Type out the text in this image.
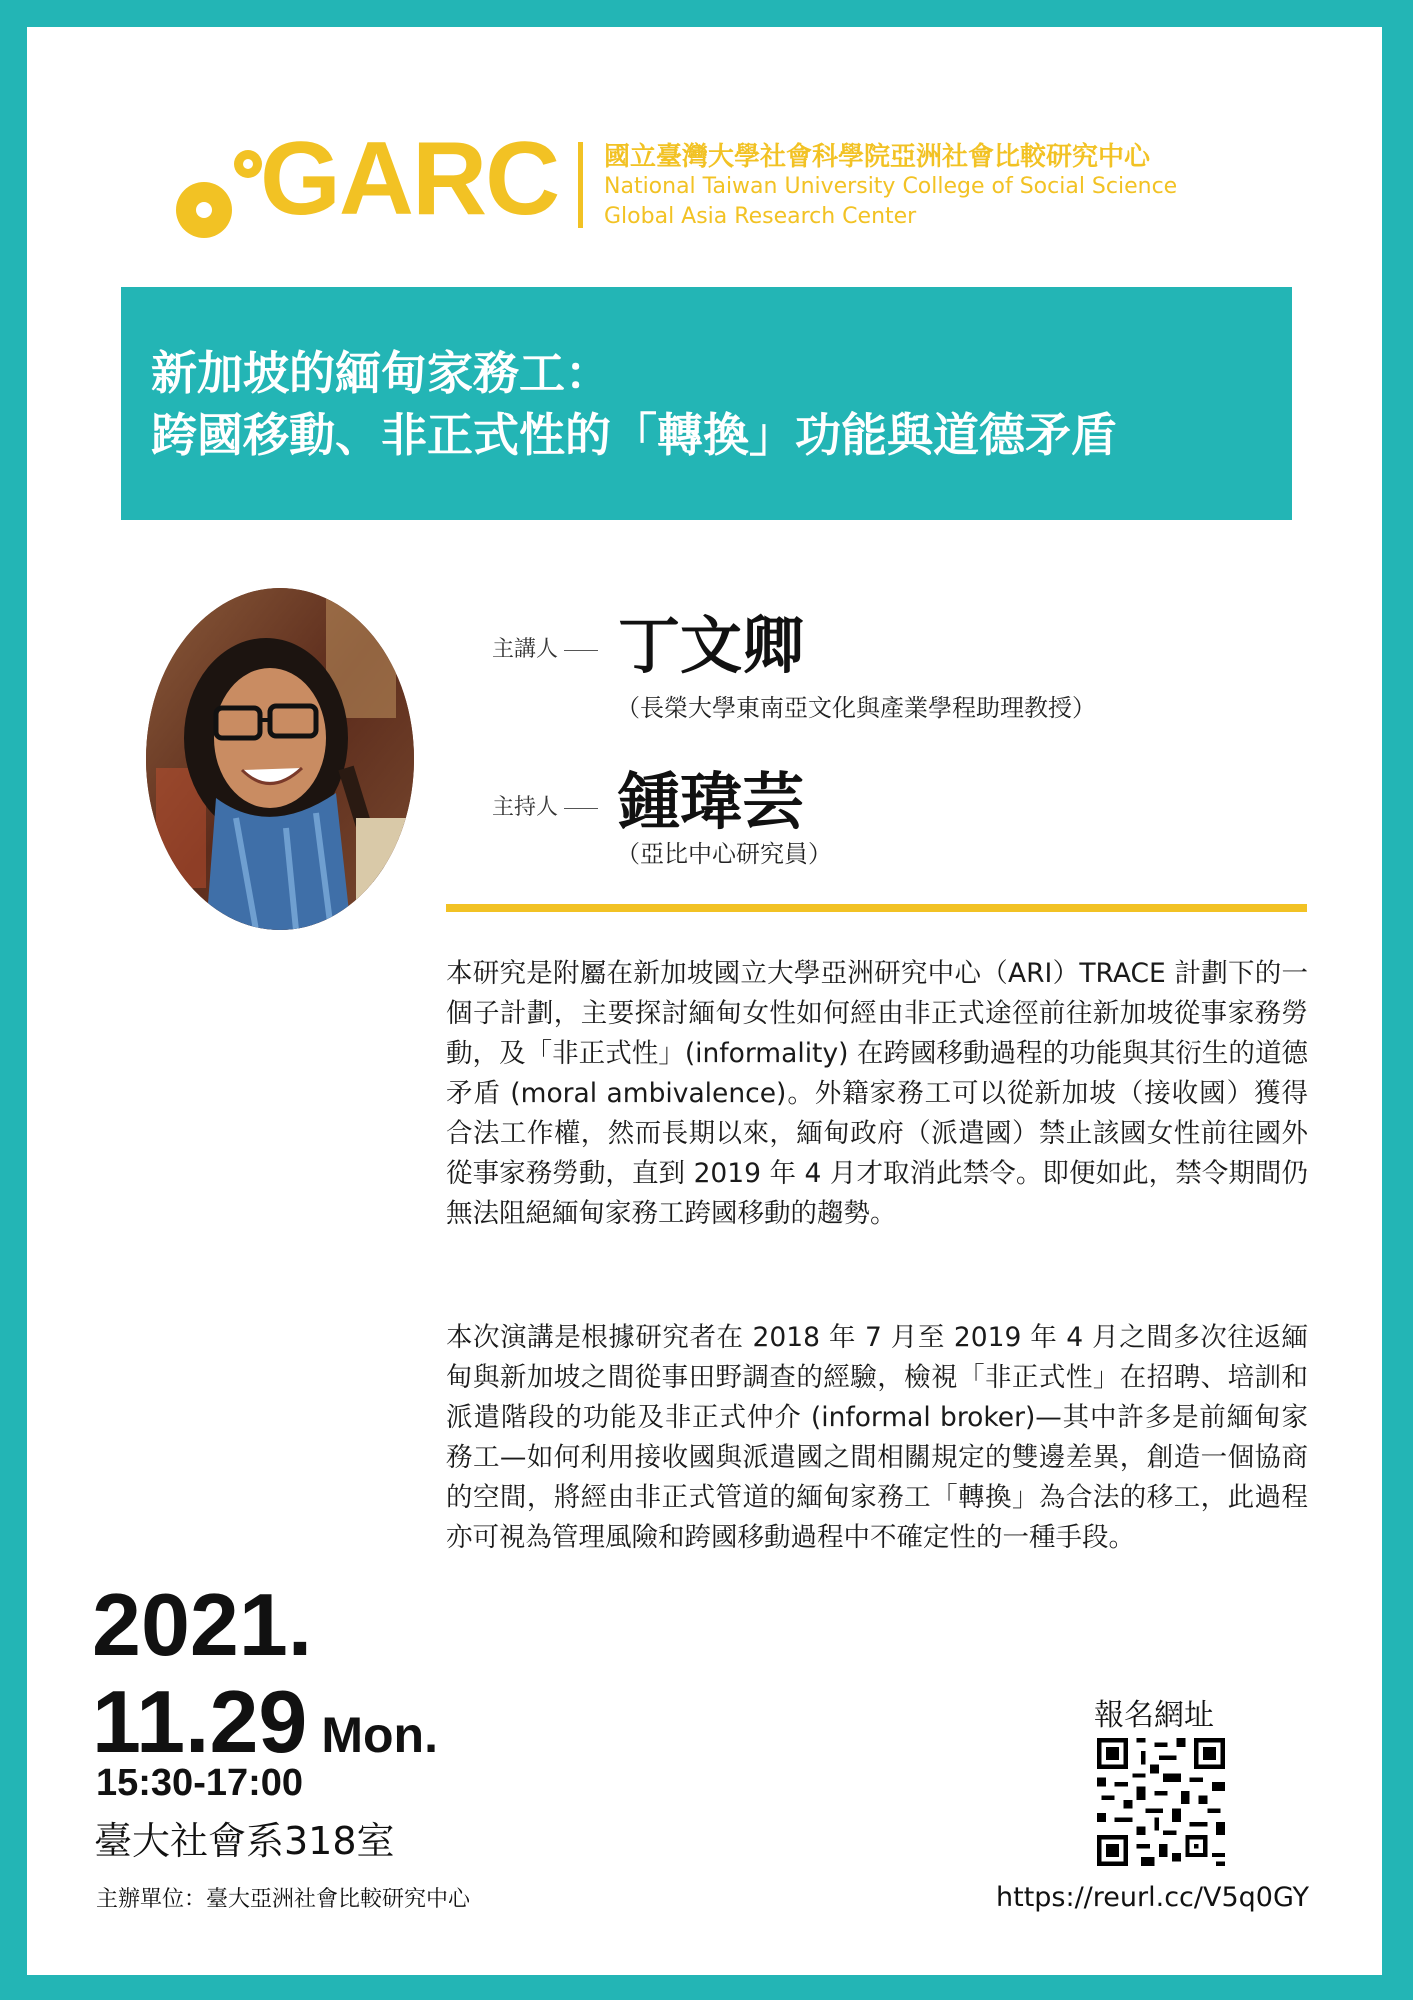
GARC 國立臺灣大學社會科學院亞洲社會比較研究中心
National Taiwan University College of Social Science
Global Asia Research Center
新加坡的緬甸家務工：
跨國移動、非正式性的「轉換」功能與道德矛盾
主講人 丁文卿
（長榮大學東南亞文化與產業學程助理教授）
主持人 鍾瑋芸
（亞比中心研究員）
本研究是附屬在新加坡國立大學亞洲研究中心（ARI）TRACE 計劃下的一個子計劃，主要探討緬甸女性如何經由非正式途徑前往新加坡從事家務勞動，及「非正式性」(informality) 在跨國移動過程的功能與其衍生的道德矛盾 (moral ambivalence)。外籍家務工可以從新加坡（接收國）獲得合法工作權，然而長期以來，緬甸政府（派遣國）禁止該國女性前往國外從事家務勞動，直到 2019 年 4 月才取消此禁令。即便如此，禁令期間仍無法阻絕緬甸家務工跨國移動的趨勢。
本次演講是根據研究者在 2018 年 7 月至 2019 年 4 月之間多次往返緬甸與新加坡之間從事田野調查的經驗，檢視「非正式性」在招聘、培訓和派遣階段的功能及非正式仲介 (informal broker)—其中許多是前緬甸家務工—如何利用接收國與派遣國之間相關規定的雙邊差異，創造一個協商的空間，將經由非正式管道的緬甸家務工「轉換」為合法的移工，此過程亦可視為管理風險和跨國移動過程中不確定性的一種手段。
2021.
11.29 Mon.
15:30-17:00
臺大社會系318室
主辦單位：臺大亞洲社會比較研究中心
報名網址
https://reurl.cc/V5q0GY
